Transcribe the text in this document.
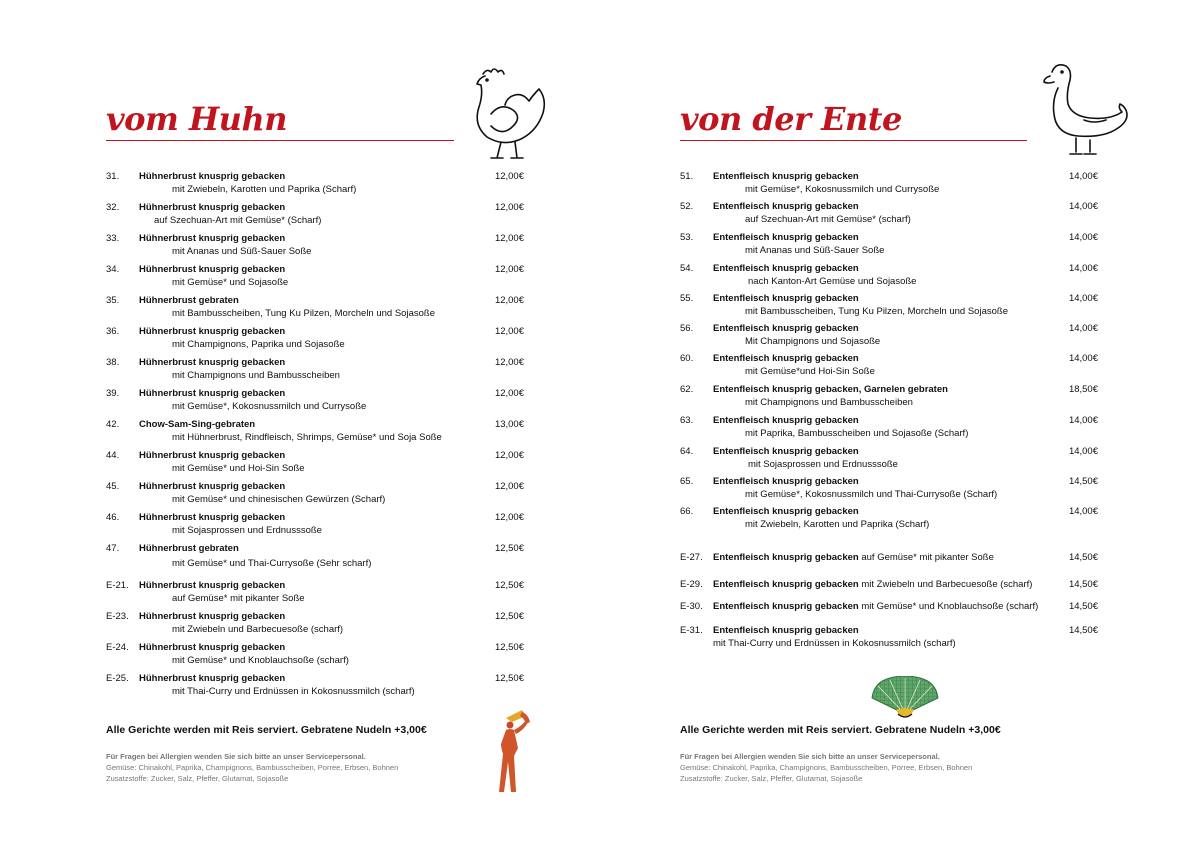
vom Huhn
31. Hühnerbrust knusprig gebacken
mit Zwiebeln, Karotten und Paprika (Scharf)
12,00€
32. Hühnerbrust knusprig gebacken
auf Szechuan-Art mit Gemüse* (Scharf)
12,00€
33. Hühnerbrust knusprig gebacken
mit Ananas und Süß-Sauer Soße
12,00€
34. Hühnerbrust knusprig gebacken
mit Gemüse* und Sojasoße
12,00€
35. Hühnerbrust gebraten
mit Bambusscheiben, Tung Ku Pilzen, Morcheln und Sojasoße
12,00€
36. Hühnerbrust knusprig gebacken
mit Champignons, Paprika und Sojasoße
12,00€
38. Hühnerbrust knusprig gebacken
mit Champignons und Bambusscheiben
12,00€
39. Hühnerbrust knusprig gebacken
mit Gemüse*, Kokosnussmilch und Currysoße
12,00€
42. Chow-Sam-Sing-gebraten
mit Hühnerbrust, Rindfleisch, Shrimps, Gemüse* und Soja Soße
13,00€
44. Hühnerbrust knusprig gebacken
mit Gemüse* und Hoi-Sin Soße
12,00€
45. Hühnerbrust knusprig gebacken
mit Gemüse* und chinesischen Gewürzen (Scharf)
12,00€
46. Hühnerbrust knusprig gebacken
mit Sojasprossen und Erdnusssoße
12,00€
47. Hühnerbrust gebraten
mit Gemüse* und Thai-Currysoße (Sehr scharf)
12,50€
E-21. Hühnerbrust knusprig gebacken
auf Gemüse* mit pikanter Soße
12,50€
E-23. Hühnerbrust knusprig gebacken
mit Zwiebeln und Barbecuesoße (scharf)
12,50€
E-24. Hühnerbrust knusprig gebacken
mit Gemüse* und Knoblauchsoße (scharf)
12,50€
E-25. Hühnerbrust knusprig gebacken
mit Thai-Curry und Erdnüssen in Kokosnussmilch (scharf)
12,50€
Alle Gerichte werden mit Reis serviert. Gebratene Nudeln +3,00€
Für Fragen bei Allergien wenden Sie sich bitte an unser Servicepersonal.
Gemüse: Chinakohl, Paprika, Champignons, Bambusscheiben, Porree, Erbsen, Bohnen
Zusatzstoffe: Zucker, Salz, Pfeffer, Glutamat, Sojasoße
von der Ente
51. Entenfleisch knusprig gebacken
mit Gemüse*, Kokosnussmilch und Currysoße
14,00€
52. Entenfleisch knusprig gebacken
auf Szechuan-Art mit Gemüse* (scharf)
14,00€
53. Entenfleisch knusprig gebacken
mit Ananas und Süß-Sauer Soße
14,00€
54. Entenfleisch knusprig gebacken
nach Kanton-Art Gemüse und Sojasoße
14,00€
55. Entenfleisch knusprig gebacken
mit Bambusscheiben, Tung Ku Pilzen, Morcheln und Sojasoße
14,00€
56. Entenfleisch knusprig gebacken
Mit Champignons und Sojasoße
14,00€
60. Entenfleisch knusprig gebacken
mit Gemüse*und Hoi-Sin Soße
14,00€
62. Entenfleisch knusprig gebacken, Garnelen gebraten
mit Champignons und Bambusscheiben
18,50€
63. Entenfleisch knusprig gebacken
mit Paprika, Bambusscheiben und Sojasoße (Scharf)
14,00€
64. Entenfleisch knusprig gebacken
mit Sojasprossen und Erdnusssoße
14,00€
65. Entenfleisch knusprig gebacken
mit Gemüse*, Kokosnussmilch und Thai-Currysoße (Scharf)
14,50€
66. Entenfleisch knusprig gebacken
mit Zwiebeln, Karotten und Paprika (Scharf)
14,00€
E-27. Entenfleisch knusprig gebacken auf Gemüse* mit pikanter Soße	14,50€
E-29. Entenfleisch knusprig gebacken mit Zwiebeln und Barbecuesoße (scharf)	14,50€
E-30. Entenfleisch knusprig gebacken mit Gemüse* und Knoblauchsoße (scharf)	14,50€
E-31. Entenfleisch knusprig gebacken
mit Thai-Curry und Erdnüssen in Kokosnussmilch (scharf)
14,50€
Alle Gerichte werden mit Reis serviert. Gebratene Nudeln +3,00€
Für Fragen bei Allergien wenden Sie sich bitte an unser Servicepersonal.
Gemüse: Chinakohl, Paprika, Champignons, Bambusscheiben, Porree, Erbsen, Bohnen
Zusatzstoffe: Zucker, Salz, Pfeffer, Glutamat, Sojasoße
